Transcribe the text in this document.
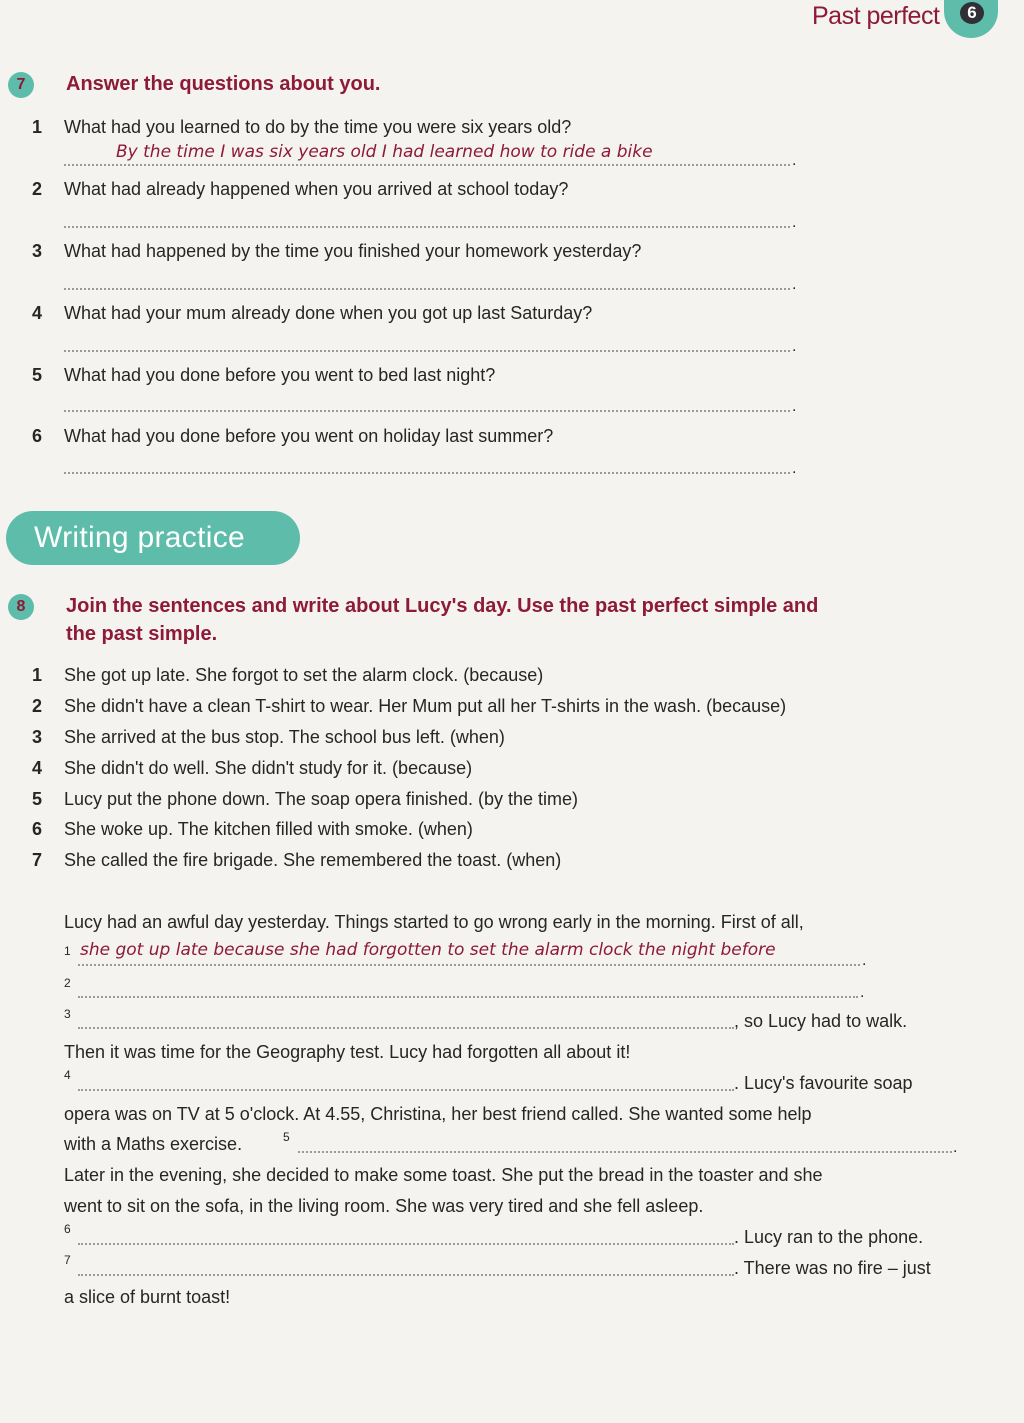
Past perfect	6
7	Answer the questions about you.
1 What had you learned to do by the time you were six years old?
By the time I was six years old I had learned how to ride a bike	.
2 What had already happened when you arrived at school today?
.
3 What had happened by the time you finished your homework yesterday?
.
4 What had your mum already done when you got up last Saturday?
.
5 What had you done before you went to bed last night?
.
6 What had you done before you went on holiday last summer?
.
Writing practice
8	Join the sentences and write about Lucy's day. Use the past perfect simple and
the past simple.
1 She got up late. She forgot to set the alarm clock. (because)
2 She didn't have a clean T-shirt to wear. Her Mum put all her T-shirts in the wash. (because)
3 She arrived at the bus stop. The school bus left. (when)
4 She didn't do well. She didn't study for it. (because)
5 Lucy put the phone down. The soap opera finished. (by the time)
6 She woke up. The kitchen filled with smoke. (when)
7 She called the fire brigade. She remembered the toast. (when)
Lucy had an awful day yesterday. Things started to go wrong early in the morning. First of all,
1 she got up late because she had forgotten to set the alarm clock the night before
.
2
.
3	, so Lucy had to walk.
Then it was time for the Geography test. Lucy had forgotten all about it!
4	. Lucy's favourite soap
opera was on TV at 5 o'clock. At 4.55, Christina, her best friend called. She wanted some help
with a Maths exercise.	5
.
Later in the evening, she decided to make some toast. She put the bread in the toaster and she
went to sit on the sofa, in the living room. She was very tired and she fell asleep.
6	. Lucy ran to the phone.
7	. There was no fire – just
a slice of burnt toast!
